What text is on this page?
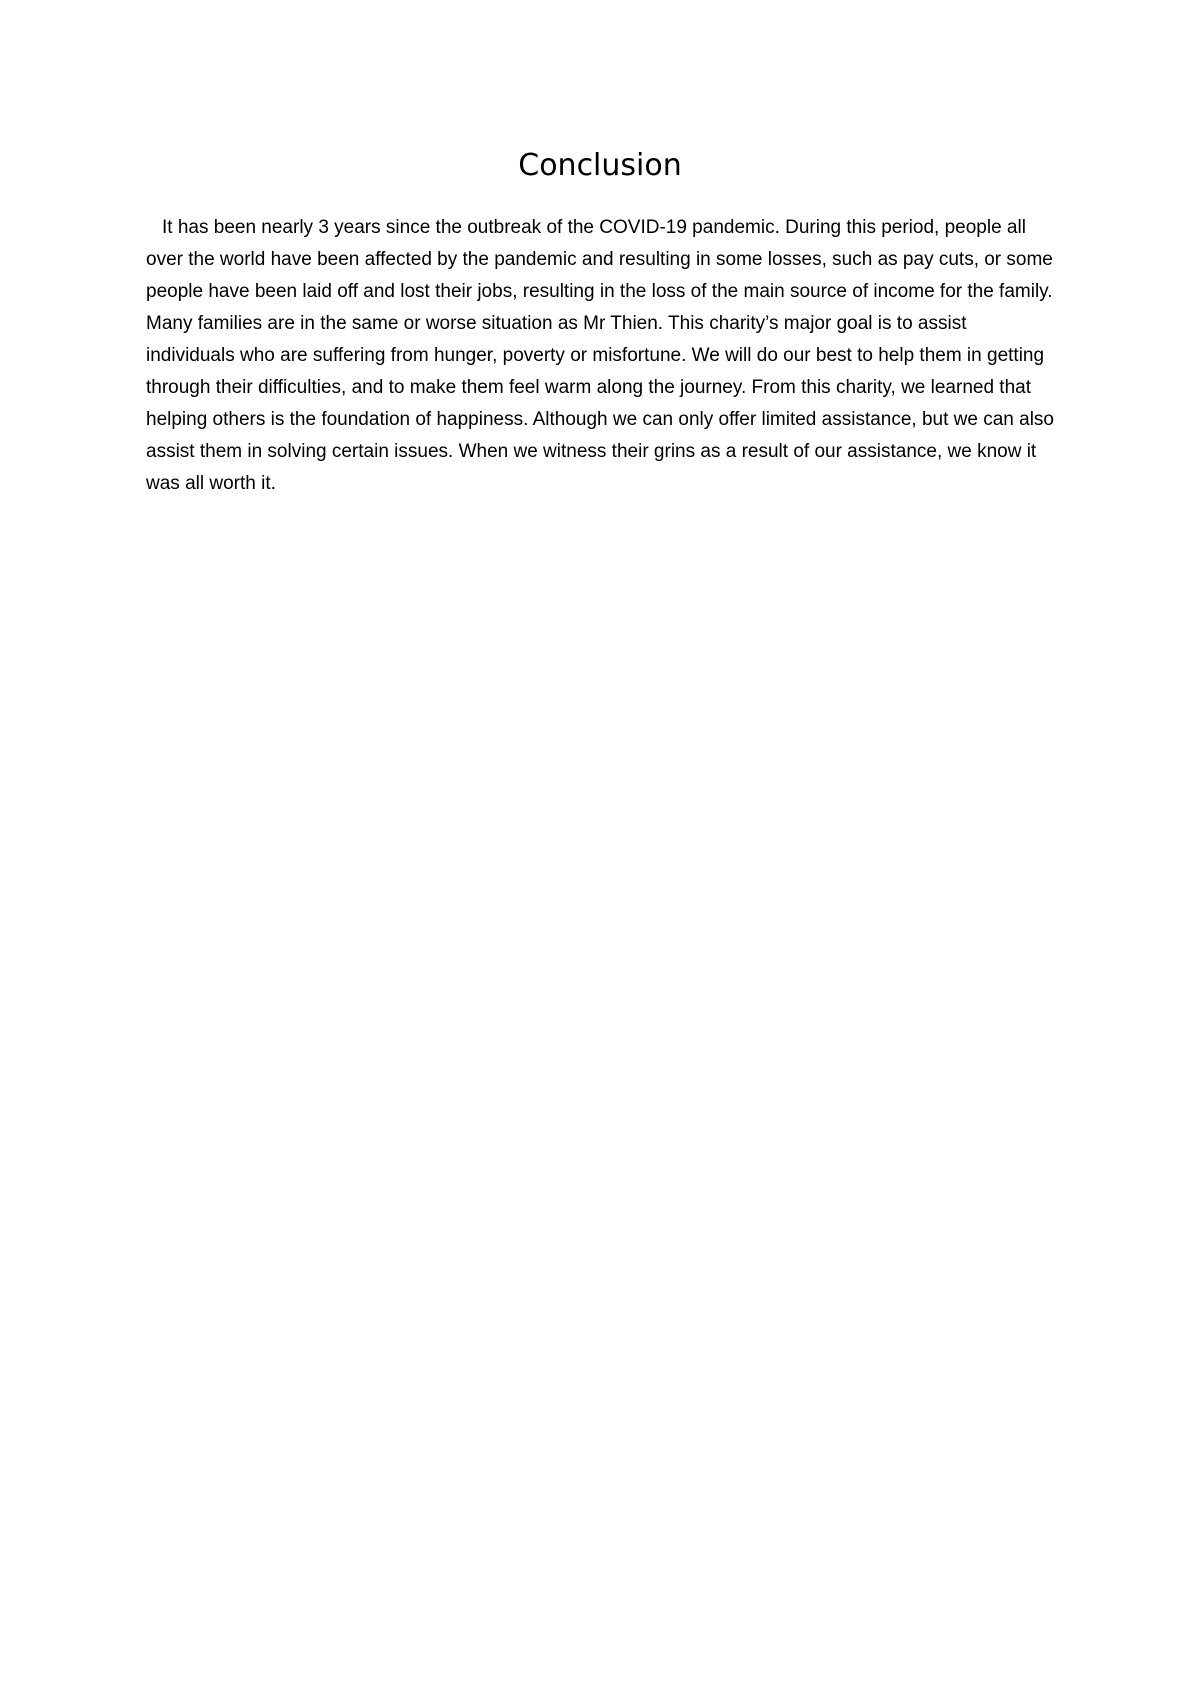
Conclusion

It has been nearly 3 years since the outbreak of the COVID-19 pandemic. During this period, people all over the world have been affected by the pandemic and resulting in some losses, such as pay cuts, or some people have been laid off and lost their jobs, resulting in the loss of the main source of income for the family. Many families are in the same or worse situation as Mr Thien. This charity’s major goal is to assist individuals who are suffering from hunger, poverty or misfortune. We will do our best to help them in getting through their difficulties, and to make them feel warm along the journey. From this charity, we learned that helping others is the foundation of happiness. Although we can only offer limited assistance, but we can also assist them in solving certain issues. When we witness their grins as a result of our assistance, we know it was all worth it.
